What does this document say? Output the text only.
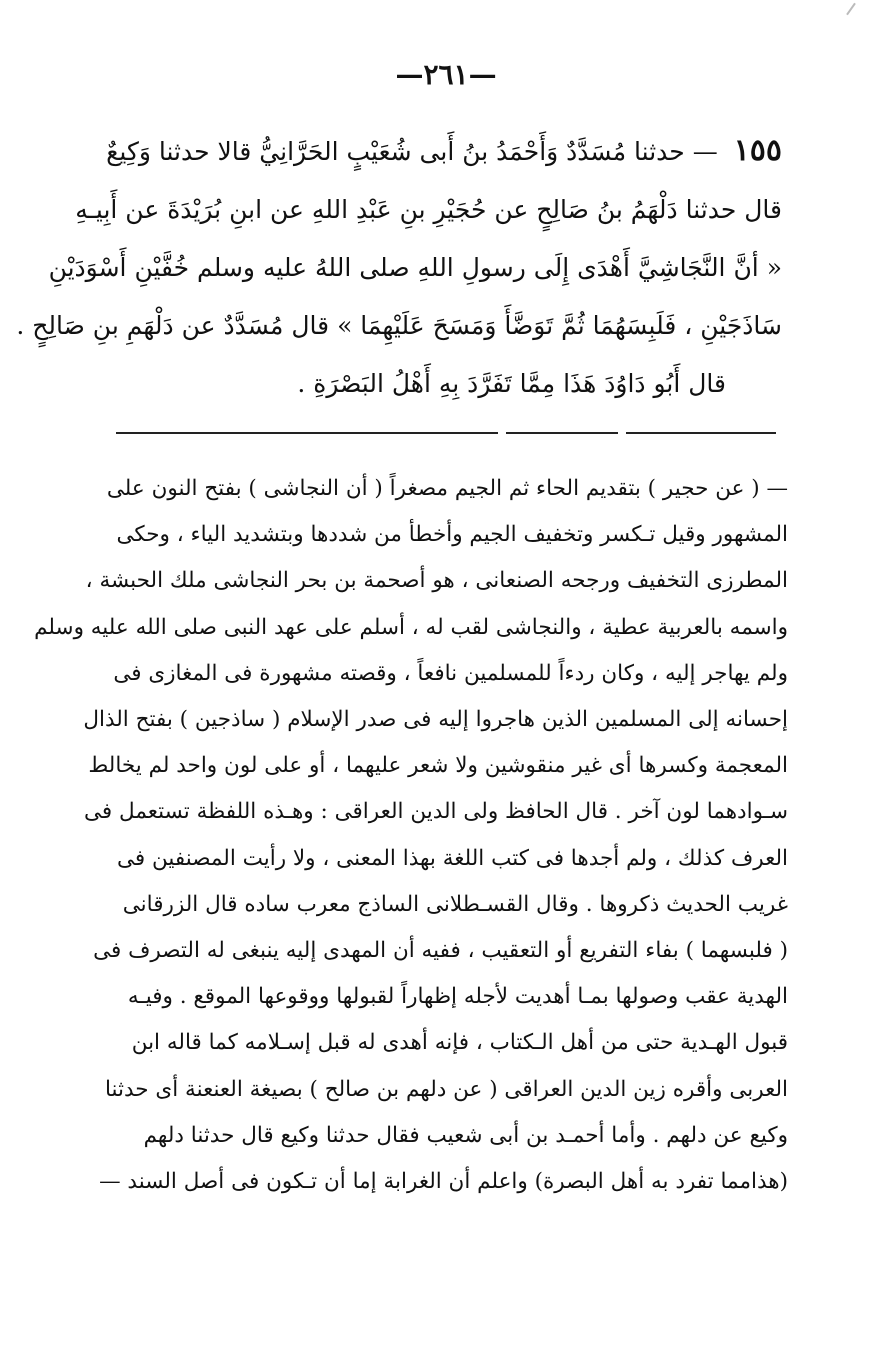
—٢٦١—
١٥٥ — حدثنا مُسَدَّدٌ وَأَحْمَدُ بنُ أَبى شُعَيْبٍ الحَرَّانِيُّ قالا حدثنا وَكِيعٌ
قال حدثنا دَلْهَمُ بنُ صَالِحٍ عن حُجَيْرِ بنِ عَبْدِ اللهِ عن ابنِ بُرَيْدَةَ عن أَبِيـهِ
« أنَّ النَّجَاشِيَّ أَهْدَى إِلَى رسولِ اللهِ صلى اللهُ عليه وسلم خُفَّيْنِ أَسْوَدَيْنِ
سَاذَجَيْنِ ، فَلَبِسَهُمَا ثُمَّ تَوَضَّأَ وَمَسَحَ عَلَيْهِمَا » قال مُسَدَّدٌ عن دَلْهَمِ بنِ صَالِحٍ .
قال أَبُو دَاوُدَ هَذَا مِمَّا تَفَرَّدَ بِهِ أَهْلُ البَصْرَةِ .
— ( عن حجير ) بتقديم الحاء ثم الجيم مصغراً ( أن النجاشى ) بفتح النون على
المشهور وقيل تـكسر وتخفيف الجيم وأخطأ من شددها وبتشديد الياء ، وحكى
المطرزى التخفيف ورجحه الصنعانى ، هو أصحمة بن بحر النجاشى ملك الحبشة ،
واسمه بالعربية عطية ، والنجاشى لقب له ، أسلم على عهد النبى صلى الله عليه وسلم
ولم يهاجر إليه ، وكان ردءاً للمسلمين نافعاً ، وقصته مشهورة فى المغازى فى
إحسانه إلى المسلمين الذين هاجروا إليه فى صدر الإسلام ( ساذجين ) بفتح الذال
المعجمة وكسرها أى غير منقوشين ولا شعر عليهما ، أو على لون واحد لم يخالط
سـوادهما لون آخر . قال الحافظ ولى الدين العراقى : وهـذه اللفظة تستعمل فى
العرف كذلك ، ولم أجدها فى كتب اللغة بهذا المعنى ، ولا رأيت المصنفين فى
غريب الحديث ذكروها . وقال القسـطلانى الساذج معرب ساده قال الزرقانى
( فلبسهما ) بفاء التفريع أو التعقيب ، ففيه أن المهدى إليه ينبغى له التصرف فى
الهدية عقب وصولها بمـا أهديت لأجله إظهاراً لقبولها ووقوعها الموقع . وفيـه
قبول الهـدية حتى من أهل الـكتاب ، فإنه أهدى له قبل إسـلامه كما قاله ابن
العربى وأقره زين الدين العراقى ( عن دلهم بن صالح ) بصيغة العنعنة أى حدثنا
وكيع عن دلهم . وأما أحمـد بن أبى شعيب فقال حدثنا وكيع قال حدثنا دلهم
(هذامما تفرد به أهل البصرة) واعلم أن الغرابة إما أن تـكون فى أصل السند —
